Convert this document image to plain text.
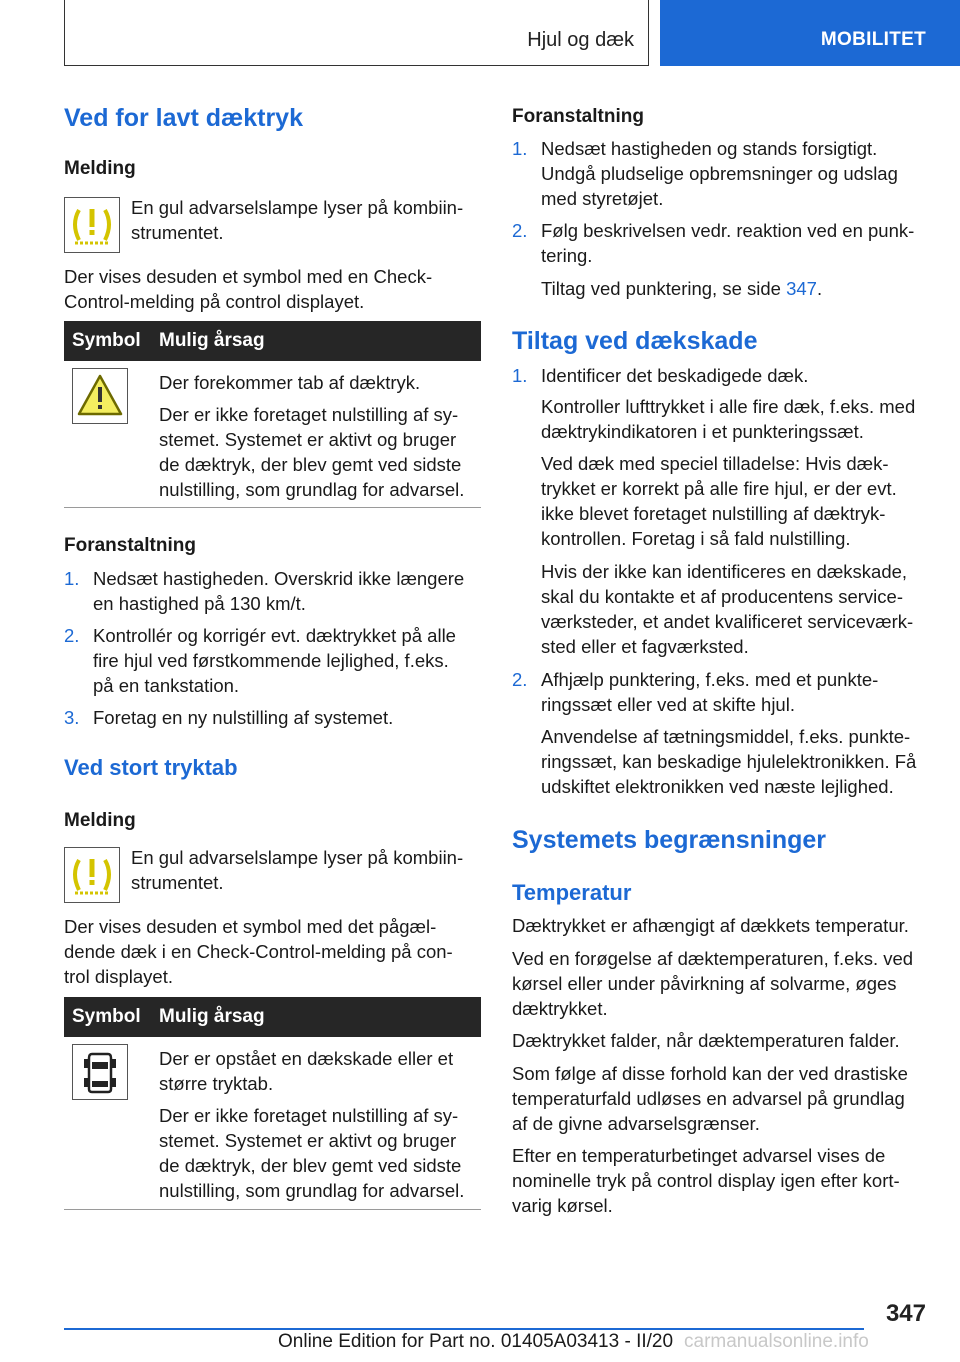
Hjul og dæk	MOBILITET
Ved for lavt dæktryk
Melding
En gul advarselslampe lyser på kombiin-
strumentet.
Der vises desuden et symbol med en Check-
Control-melding på control displayet.
Symbol Mulig årsag
Der forekommer tab af dæktryk.
Der er ikke foretaget nulstilling af sy-
stemet. Systemet er aktivt og bruger
de dæktryk, der blev gemt ved sidste
nulstilling, som grundlag for advarsel.
Foranstaltning
1. Nedsæt hastigheden. Overskrid ikke længere
en hastighed på 130 km/t.
2. Kontrollér og korrigér evt. dæktrykket på alle
fire hjul ved førstkommende lejlighed, f.eks.
på en tankstation.
3. Foretag en ny nulstilling af systemet.
Ved stort tryktab
Melding
En gul advarselslampe lyser på kombiin-
strumentet.
Der vises desuden et symbol med det pågæl-
dende dæk i en Check-Control-melding på con-
trol displayet.
Symbol Mulig årsag
Der er opstået en dækskade eller et
større tryktab.
Der er ikke foretaget nulstilling af sy-
stemet. Systemet er aktivt og bruger
de dæktryk, der blev gemt ved sidste
nulstilling, som grundlag for advarsel.
Foranstaltning
1. Nedsæt hastigheden og stands forsigtigt.
Undgå pludselige opbremsninger og udslag
med styretøjet.
2. Følg beskrivelsen vedr. reaktion ved en punk-
tering.
Tiltag ved punktering, se side 347.
Tiltag ved dækskade
1. Identificer det beskadigede dæk.
Kontroller lufttrykket i alle fire dæk, f.eks. med
dæktrykindikatoren i et punkteringssæt.
Ved dæk med speciel tilladelse: Hvis dæk-
trykket er korrekt på alle fire hjul, er der evt.
ikke blevet foretaget nulstilling af dæktryk-
kontrollen. Foretag i så fald nulstilling.
Hvis der ikke kan identificeres en dækskade,
skal du kontakte et af producentens service-
værksteder, et andet kvalificeret serviceværk-
sted eller et fagværksted.
2. Afhjælp punktering, f.eks. med et punkte-
ringssæt eller ved at skifte hjul.
Anvendelse af tætningsmiddel, f.eks. punkte-
ringssæt, kan beskadige hjulelektronikken. Få
udskiftet elektronikken ved næste lejlighed.
Systemets begrænsninger
Temperatur
Dæktrykket er afhængigt af dækkets temperatur.
Ved en forøgelse af dæktemperaturen, f.eks. ved
kørsel eller under påvirkning af solvarme, øges
dæktrykket.
Dæktrykket falder, når dæktemperaturen falder.
Som følge af disse forhold kan der ved drastiske
temperaturfald udløses en advarsel på grundlag
af de givne advarselsgrænser.
Efter en temperaturbetinget advarsel vises de
nominelle tryk på control display igen efter kort-
varig kørsel.
347
Online Edition for Part no. 01405A03413 - II/20 carmanualsonline.info
